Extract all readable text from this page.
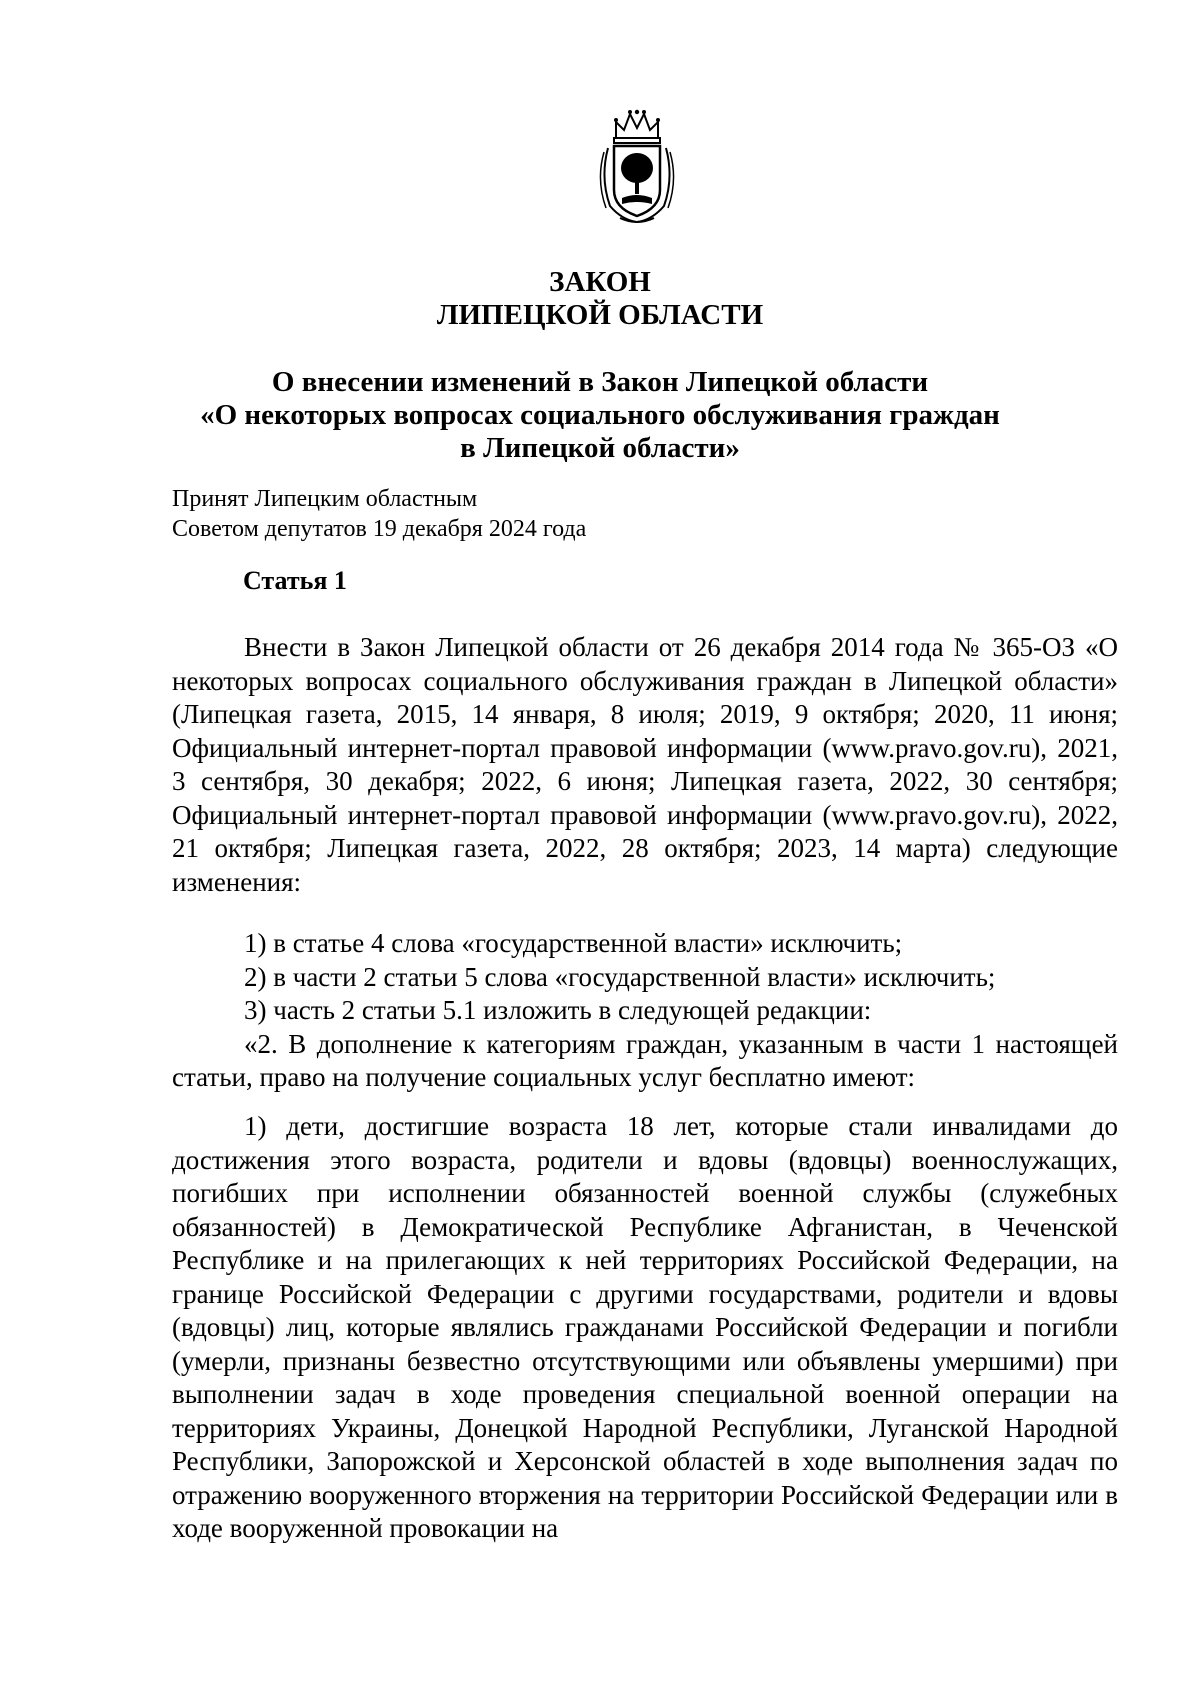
ЗАКОН
ЛИПЕЦКОЙ ОБЛАСТИ
О внесении изменений в Закон Липецкой области
«О некоторых вопросах социального обслуживания граждан
в Липецкой области»
Принят Липецким областным
Советом депутатов 19 декабря 2024 года
Статья 1

Внести в Закон Липецкой области от 26 декабря 2014 года № 365-ОЗ «О некоторых вопросах социального обслуживания граждан в Липецкой области» (Липецкая газета, 2015, 14 января, 8 июля; 2019, 9 октября; 2020, 11 июня; Официальный интернет-портал правовой информации (www.pravo.gov.ru), 2021, 3 сентября, 30 декабря; 2022, 6 июня; Липецкая газета, 2022, 30 сентября; Официальный интернет-портал правовой информации (www.pravo.gov.ru), 2022, 21 октября; Липецкая газета, 2022, 28 октября; 2023, 14 марта) следующие изменения:

1) в статье 4 слова «государственной власти» исключить;

2) в части 2 статьи 5 слова «государственной власти» исключить;

3) часть 2 статьи 5.1 изложить в следующей редакции:

«2. В дополнение к категориям граждан, указанным в части 1 настоящей статьи, право на получение социальных услуг бесплатно имеют:

1) дети, достигшие возраста 18 лет, которые стали инвалидами до достижения этого возраста, родители и вдовы (вдовцы) военнослужащих, погибших при исполнении обязанностей военной службы (служебных обязанностей) в Демократической Республике Афганистан, в Чеченской Республике и на прилегающих к ней территориях Российской Федерации, на границе Российской Федерации с другими государствами, родители и вдовы (вдовцы) лиц, которые являлись гражданами Российской Федерации и погибли (умерли, признаны безвестно отсутствующими или объявлены умершими) при выполнении задач в ходе проведения специальной военной операции на территориях Украины, Донецкой Народной Республики, Луганской Народной Республики, Запорожской и Херсонской областей в ходе выполнения задач по отражению вооруженного вторжения на территории Российской Федерации или в ходе вооруженной провокации на
